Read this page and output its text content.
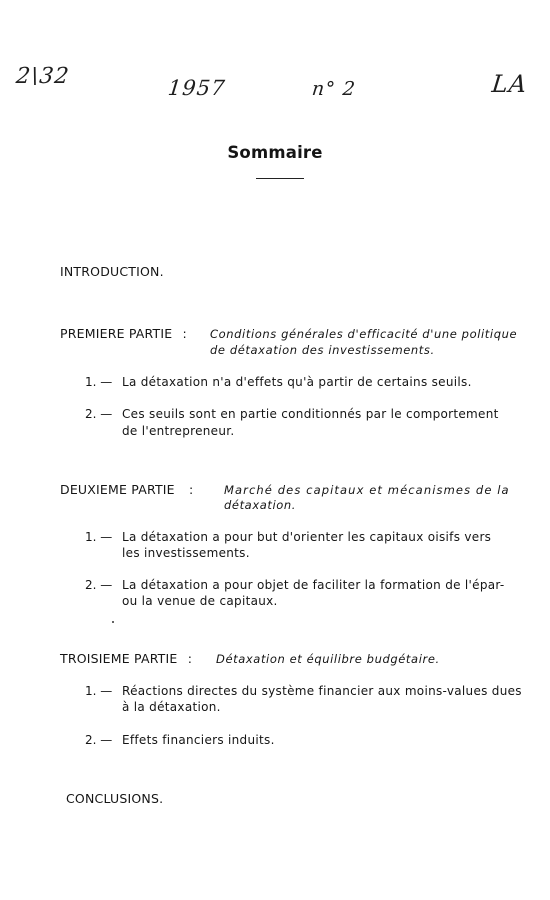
2\32	1957	n° 2	LA
Sommaire
INTRODUCTION.
PREMIERE PARTIE : Conditions générales d'efficacité d'une politique
de détaxation des investissements.
1. — La détaxation n'a d'effets qu'à partir de certains seuils.
2. — Ces seuils sont en partie conditionnés par le comportement
de l'entrepreneur.
DEUXIEME PARTIE :	Marché des capitaux et mécanismes de la
détaxation.
1. — La détaxation a pour but d'orienter les capitaux oisifs vers
les investissements.
2. — La détaxation a pour objet de faciliter la formation de l'épar-
ou la venue de capitaux.
TROISIEME PARTIE : Détaxation et équilibre budgétaire.
1. — Réactions directes du système financier aux moins-values dues
à la détaxation.
2. — Effets financiers induits.
CONCLUSIONS.
